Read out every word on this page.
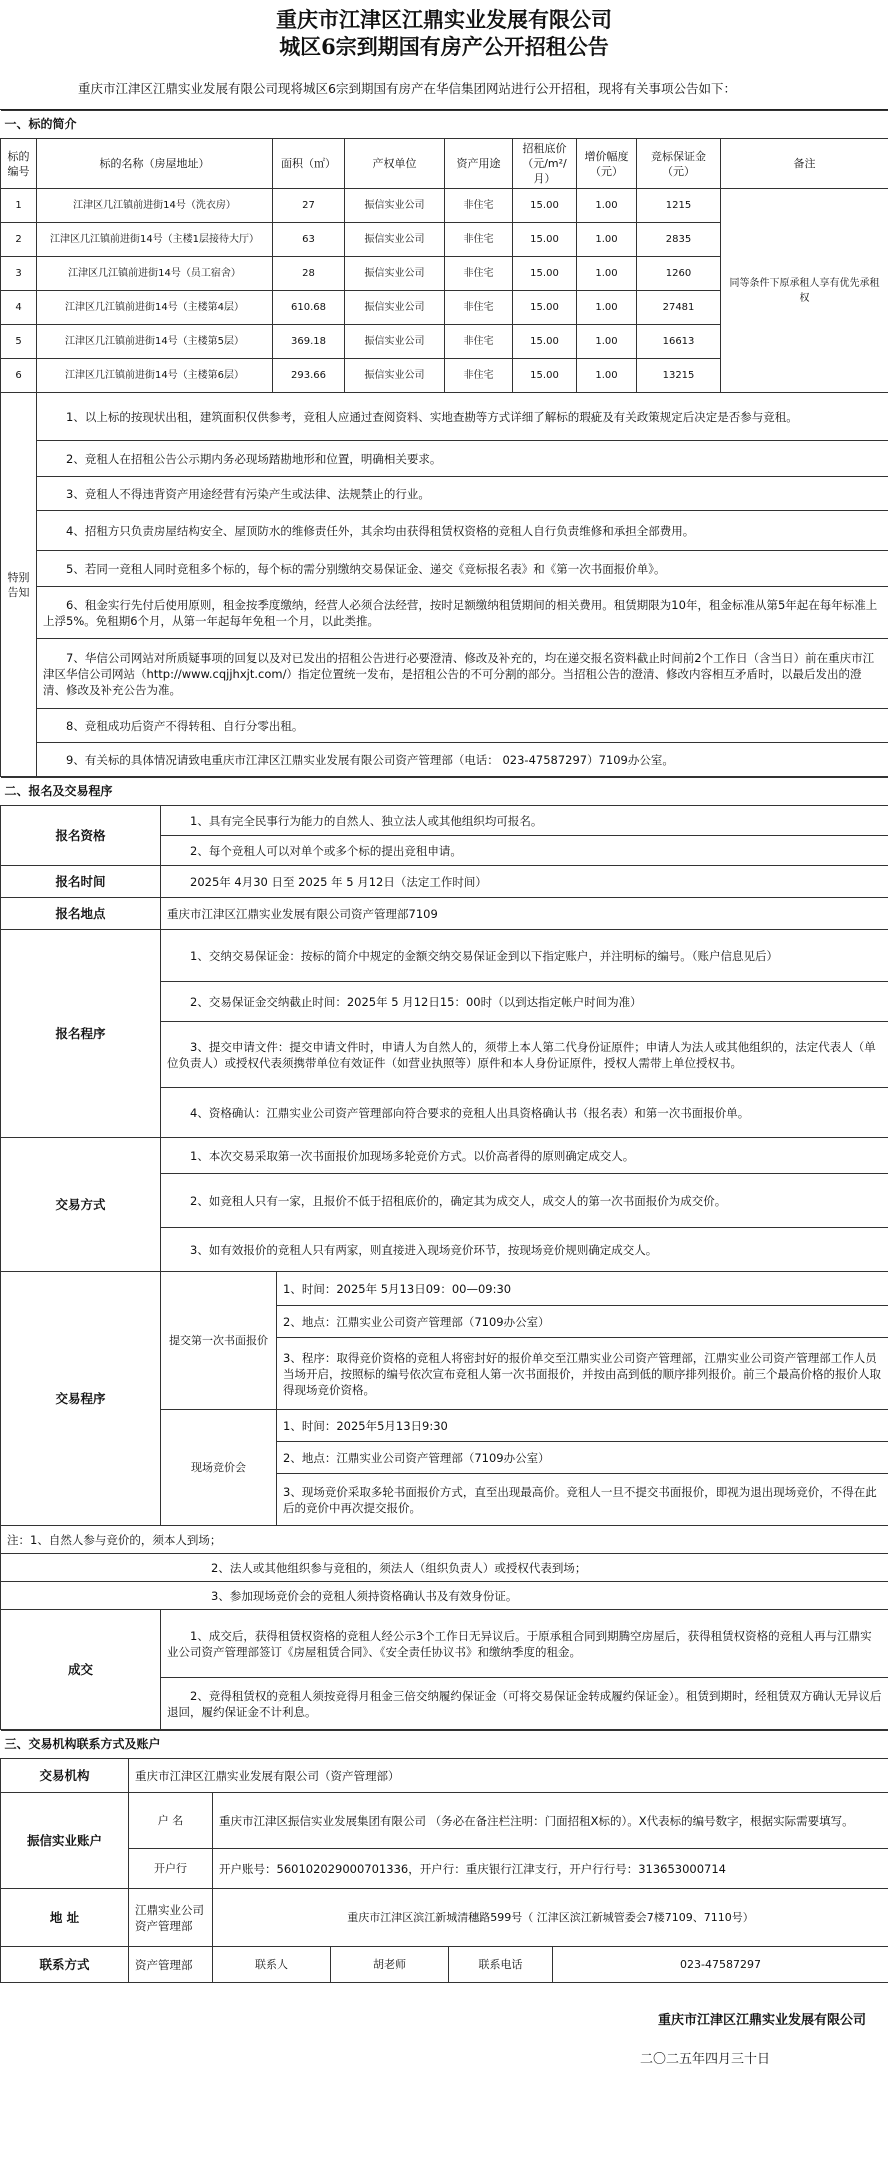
重庆市江津区江鼎实业发展有限公司
城区6宗到期国有房产公开招租公告
重庆市江津区江鼎实业发展有限公司现将城区6宗到期国有房产在华信集团网站进行公开招租，现将有关事项公告如下：
一、标的简介								
标的编号	标的名称（房屋地址）	面积（㎡）	产权单位	资产用途	招租底价（元/m²/月）	增价幅度（元）	竞标保证金（元）	备注
1	江津区几江镇前进街14号（洗衣房）	27	振信实业公司	非住宅	15.00	1.00	1215	同等条件下原承租人享有优先承租权
2	江津区几江镇前进街14号（主楼1层接待大厅）	63	振信实业公司	非住宅	15.00	1.00	2835	
3	江津区几江镇前进街14号（员工宿舍）	28	振信实业公司	非住宅	15.00	1.00	1260	
4	江津区几江镇前进街14号（主楼第4层）	610.68	振信实业公司	非住宅	15.00	1.00	27481	
5	江津区几江镇前进街14号（主楼第5层）	369.18	振信实业公司	非住宅	15.00	1.00	16613	
6	江津区几江镇前进街14号（主楼第6层）	293.66	振信实业公司	非住宅	15.00	1.00	13215	
特别告知	1、以上标的按现状出租，建筑面积仅供参考，竞租人应通过查阅资料、实地查勘等方式详细了解标的瑕疵及有关政策规定后决定是否参与竞租。							
	2、竞租人在招租公告公示期内务必现场踏勘地形和位置，明确相关要求。							
	3、竞租人不得违背资产用途经营有污染产生或法律、法规禁止的行业。							
	4、招租方只负责房屋结构安全、屋顶防水的维修责任外，其余均由获得租赁权资格的竞租人自行负责维修和承担全部费用。							
	5、若同一竞租人同时竞租多个标的，每个标的需分别缴纳交易保证金、递交《竞标报名表》和《第一次书面报价单》。							
	6、租金实行先付后使用原则，租金按季度缴纳，经营人必须合法经营，按时足额缴纳租赁期间的相关费用。租赁期限为10年，租金标准从第5年起在每年标准上上浮5%。免租期6个月，从第一年起每年免租一个月，以此类推。							
	7、华信公司网站对所质疑事项的回复以及对已发出的招租公告进行必要澄清、修改及补充的，均在递交报名资料截止时间前2个工作日（含当日）前在重庆市江津区华信公司网站（http://www.cqjjhxjt.com/）指定位置统一发布，是招租公告的不可分割的部分。当招租公告的澄清、修改内容相互矛盾时，以最后发出的澄清、修改及补充公告为准。							
	8、竞租成功后资产不得转租、自行分零出租。							
	9、有关标的具体情况请致电重庆市江津区江鼎实业发展有限公司资产管理部（电话： 023-47587297）7109办公室。							
二、报名及交易程序		
报名资格	1、具有完全民事行为能力的自然人、独立法人或其他组织均可报名。	
	2、每个竞租人可以对单个或多个标的提出竞租申请。	
报名时间	2025年 4月30 日至 2025 年 5 月12日（法定工作时间）	
报名地点	重庆市江津区江鼎实业发展有限公司资产管理部7109	
报名程序	1、交纳交易保证金：按标的简介中规定的金额交纳交易保证金到以下指定账户，并注明标的编号。（账户信息见后）	
	2、交易保证金交纳截止时间：2025年 5 月12日15：00时（以到达指定帐户时间为准）	
	3、提交申请文件：提交申请文件时，申请人为自然人的，须带上本人第二代身份证原件；申请人为法人或其他组织的，法定代表人（单位负责人）或授权代表须携带单位有效证件（如营业执照等）原件和本人身份证原件，授权人需带上单位授权书。	
	4、资格确认：江鼎实业公司资产管理部向符合要求的竞租人出具资格确认书（报名表）和第一次书面报价单。	
交易方式	1、本次交易采取第一次书面报价加现场多轮竞价方式。以价高者得的原则确定成交人。	
	2、如竞租人只有一家，且报价不低于招租底价的，确定其为成交人，成交人的第一次书面报价为成交价。	
	3、如有效报价的竞租人只有两家，则直接进入现场竞价环节，按现场竞价规则确定成交人。	
交易程序	提交第一次书面报价	1、时间：2025年 5月13日09：00—09:30
		2、地点：江鼎实业公司资产管理部（7109办公室）
		3、程序：取得竞价资格的竞租人将密封好的报价单交至江鼎实业公司资产管理部，江鼎实业公司资产管理部工作人员当场开启，按照标的编号依次宣布竞租人第一次书面报价，并按由高到低的顺序排列报价。前三个最高价格的报价人取得现场竞价资格。
	现场竞价会	1、时间：2025年5月13日9:30
		2、地点：江鼎实业公司资产管理部（7109办公室）
		3、现场竞价采取多轮书面报价方式，直至出现最高价。竞租人一旦不提交书面报价，即视为退出现场竞价，不得在此后的竞价中再次提交报价。
注：1、自然人参与竞价的，须本人到场；		
2、法人或其他组织参与竞租的，须法人（组织负责人）或授权代表到场；		
3、参加现场竞价会的竞租人须持资格确认书及有效身份证。		
成交	1、成交后，获得租赁权资格的竞租人经公示3个工作日无异议后。于原承租合同到期腾空房屋后，获得租赁权资格的竞租人再与江鼎实业公司资产管理部签订《房屋租赁合同》、《安全责任协议书》和缴纳季度的租金。	
	2、竞得租赁权的竞租人须按竞得月租金三倍交纳履约保证金（可将交易保证金转成履约保证金）。租赁到期时，经租赁双方确认无异议后退回，履约保证金不计利息。	
三、交易机构联系方式及账户					
交易机构	重庆市江津区江鼎实业发展有限公司（资产管理部）				
振信实业账户	户 名	重庆市江津区振信实业发展集团有限公司 （务必在备注栏注明：门面招租X标的）。X代表标的编号数字，根据实际需要填写。			
	开户行	开户账号：560102029000701336，开户行：重庆银行江津支行，开户行行号：313653000714			
地 址	江鼎实业公司资产管理部	重庆市江津区滨江新城清穗路599号（ 江津区滨江新城管委会7楼7109、7110号）			
联系方式	资产管理部	联系人	胡老师	联系电话	023-47587297
重庆市江津区江鼎实业发展有限公司
二〇二五年四月三十日
